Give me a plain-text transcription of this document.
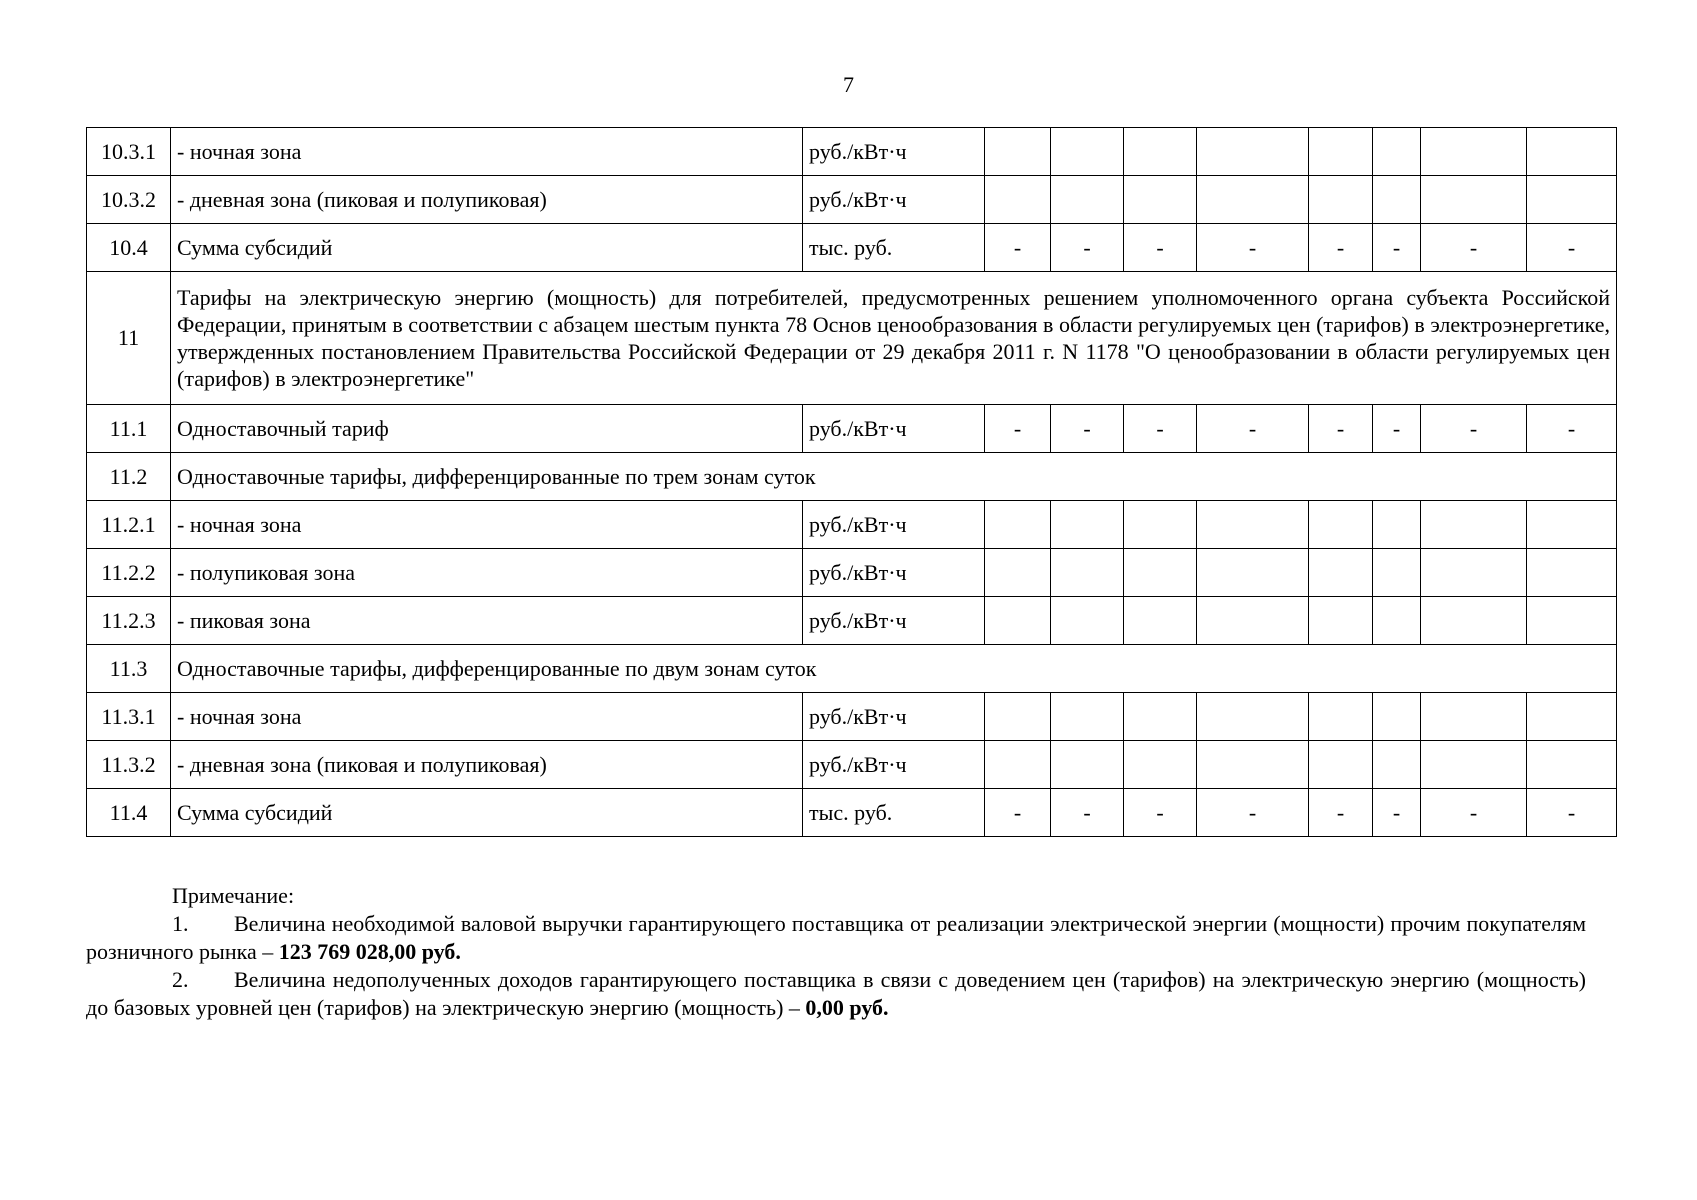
7
10.3.1	- ночная зона	руб./кВт·ч								
10.3.2	- дневная зона (пиковая и полупиковая)	руб./кВт·ч								
10.4	Сумма субсидий	тыс. руб.	-	-	-	-	-	-	-	-
11	Тарифы на электрическую энергию (мощность) для потребителей, предусмотренных решением уполномоченного органа субъекта Российской Федерации, принятым в соответствии с абзацем шестым пункта 78 Основ ценообразования в области регулируемых цен (тарифов) в электроэнергетике, утвержденных постановлением Правительства Российской Федерации от 29 декабря 2011 г. N 1178 "О ценообразовании в области регулируемых цен (тарифов) в электроэнергетике"									
11.1	Одноставочный тариф	руб./кВт·ч	-	-	-	-	-	-	-	-
11.2	Одноставочные тарифы, дифференцированные по трем зонам суток									
11.2.1	- ночная зона	руб./кВт·ч								
11.2.2	- полупиковая зона	руб./кВт·ч								
11.2.3	- пиковая зона	руб./кВт·ч								
11.3	Одноставочные тарифы, дифференцированные по двум зонам суток									
11.3.1	- ночная зона	руб./кВт·ч								
11.3.2	- дневная зона (пиковая и полупиковая)	руб./кВт·ч								
11.4	Сумма субсидий	тыс. руб.	-	-	-	-	-	-	-	-
Примечание:
1. Величина необходимой валовой выручки гарантирующего поставщика от реализации электрической энергии (мощности) прочим покупателям розничного рынка – 123 769 028,00 руб.
2. Величина недополученных доходов гарантирующего поставщика в связи с доведением цен (тарифов) на электрическую энергию (мощность) до базовых уровней цен (тарифов) на электрическую энергию (мощность) – 0,00 руб.
